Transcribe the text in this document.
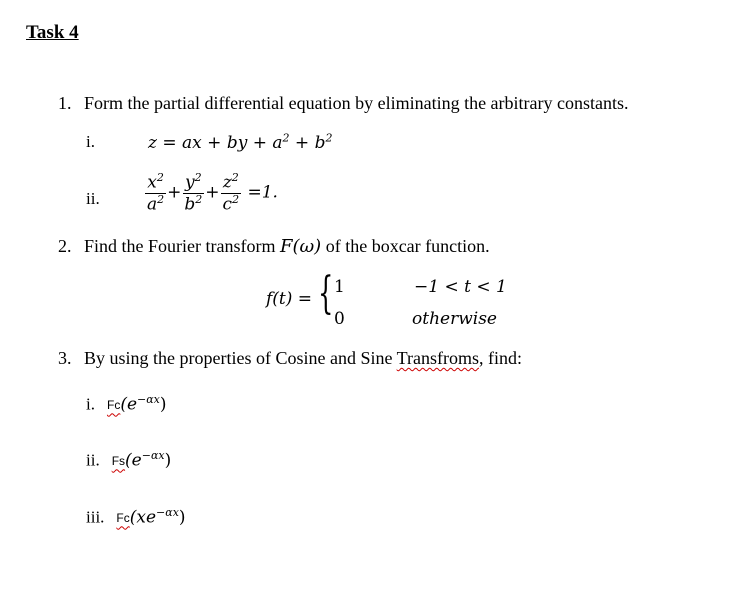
Task 4
1. Form the partial differential equation by eliminating the arbitrary constants.
i.	z = ax + by + $a^2 + b^2$
ii.	$\frac{x^2}{a^2} + \frac{y^2}{b^2} + \frac{z^2}{c^2} =1$.
2. Find the Fourier transform F(ω) of the boxcar function.
f(t) = { 1	−1 < t < 1
0	otherwise
3. By using the properties of Cosine and Sine Transfroms, find:
i. $Fc(e^{-\alpha x})$
ii. $Fs(e^{-\alpha x})$
iii. $Fc(xe^{-\alpha x})$
